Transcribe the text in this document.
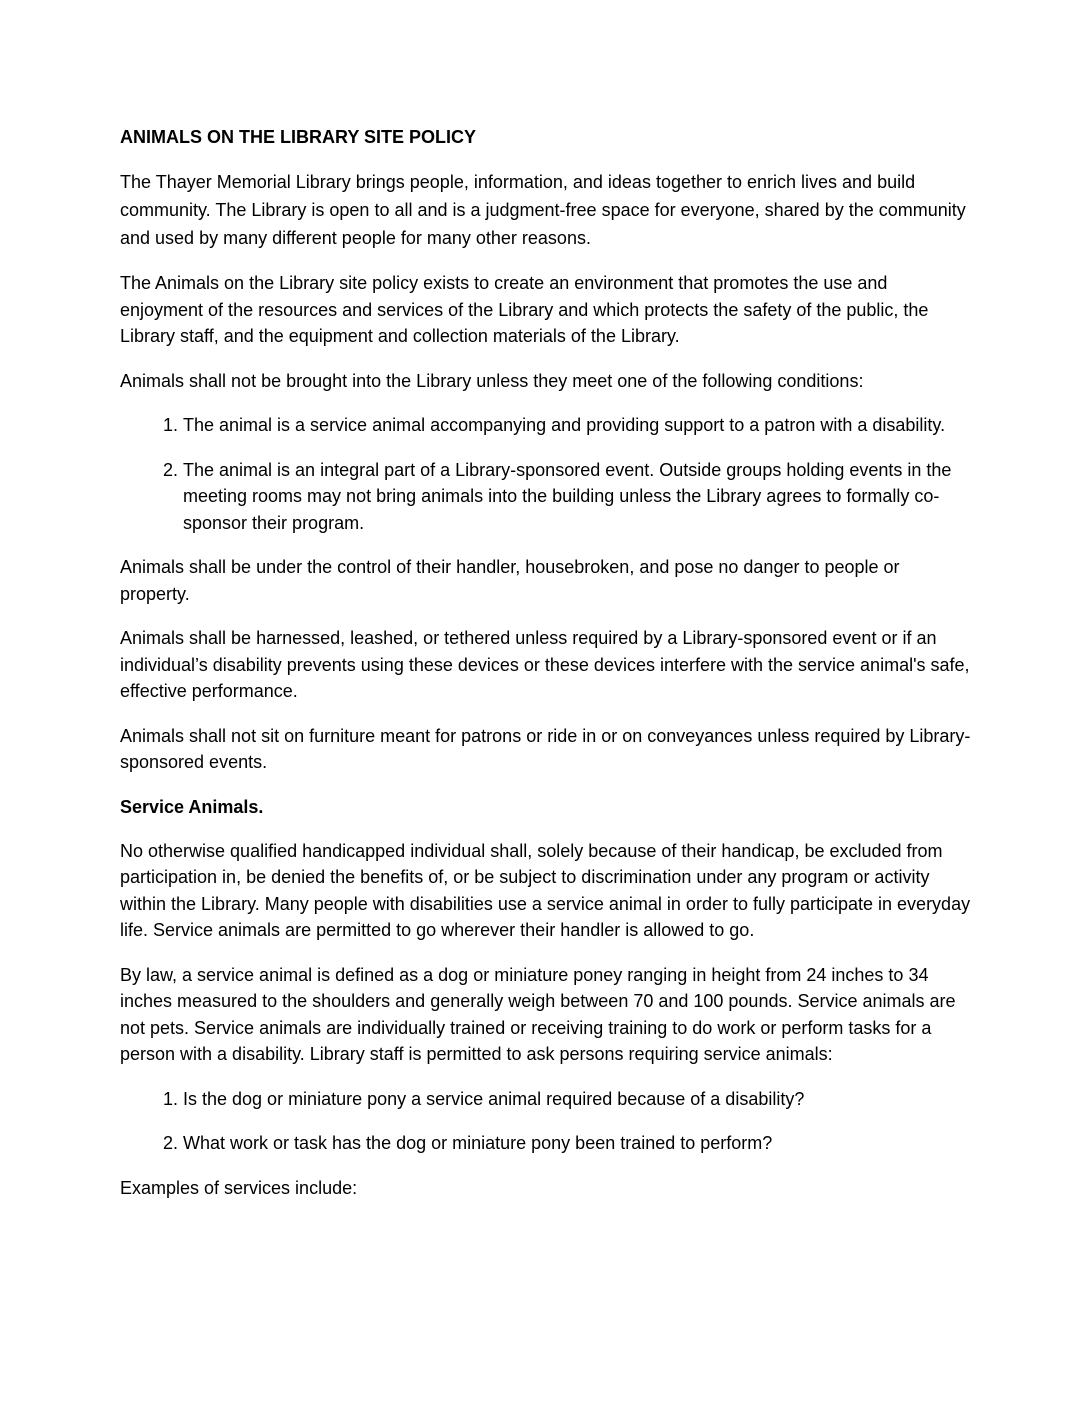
ANIMALS ON THE LIBRARY SITE POLICY

The Thayer Memorial Library brings people, information, and ideas together to enrich lives and build community. The Library is open to all and is a judgment-free space for everyone, shared by the community and used by many different people for many other reasons.

The Animals on the Library site policy exists to create an environment that promotes the use and enjoyment of the resources and services of the Library and which protects the safety of the public, the Library staff, and the equipment and collection materials of the Library.

Animals shall not be brought into the Library unless they meet one of the following conditions:

1. The animal is a service animal accompanying and providing support to a patron with a disability.
2. The animal is an integral part of a Library-sponsored event. Outside groups holding events in the meeting rooms may not bring animals into the building unless the Library agrees to formally co-sponsor their program.

Animals shall be under the control of their handler, housebroken, and pose no danger to people or property.

Animals shall be harnessed, leashed, or tethered unless required by a Library-sponsored event or if an individual’s disability prevents using these devices or these devices interfere with the service animal's safe, effective performance.

Animals shall not sit on furniture meant for patrons or ride in or on conveyances unless required by Library-sponsored events.

Service Animals.

No otherwise qualified handicapped individual shall, solely because of their handicap, be excluded from participation in, be denied the benefits of, or be subject to discrimination under any program or activity within the Library. Many people with disabilities use a service animal in order to fully participate in everyday life. Service animals are permitted to go wherever their handler is allowed to go.

By law, a service animal is defined as a dog or miniature poney ranging in height from 24 inches to 34 inches measured to the shoulders and generally weigh between 70 and 100 pounds. Service animals are not pets. Service animals are individually trained or receiving training to do work or perform tasks for a person with a disability. Library staff is permitted to ask persons requiring service animals:

1. Is the dog or miniature pony a service animal required because of a disability?
2. What work or task has the dog or miniature pony been trained to perform?

Examples of services include:
